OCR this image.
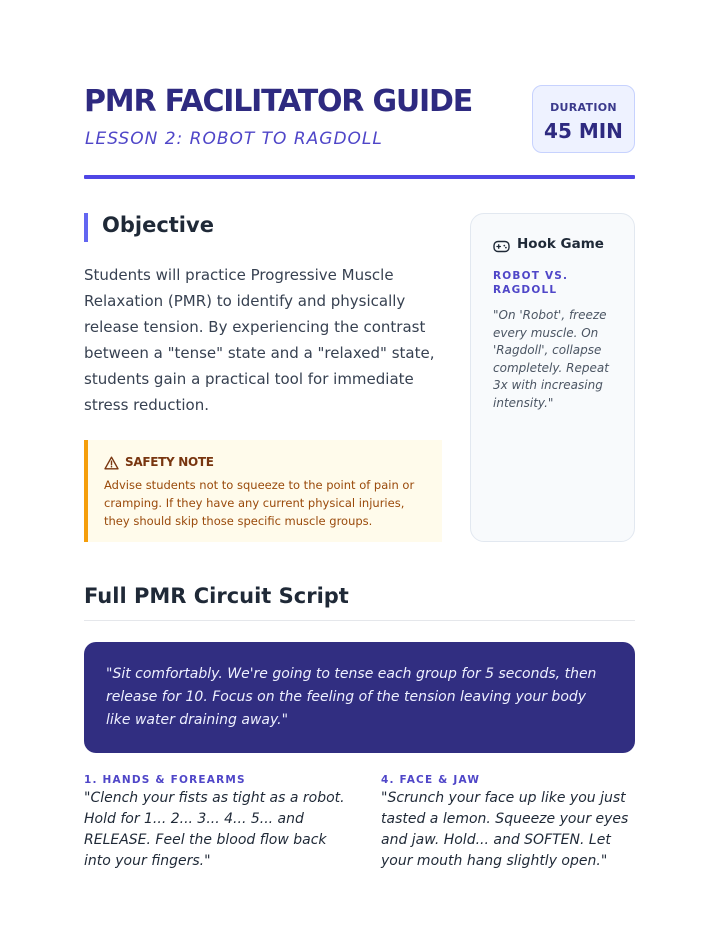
PMR FACILITATOR GUIDE
LESSON 2: ROBOT TO RAGDOLL
DURATION
45 MIN
Objective

Students will practice Progressive Muscle Relaxation (PMR) to identify and physically release tension. By experiencing the contrast between a "tense" state and a "relaxed" state, students gain a practical tool for immediate stress reduction.

SAFETY NOTE

Advise students not to squeeze to the point of pain or cramping. If they have any current physical injuries, they should skip those specific muscle groups.

Hook Game
ROBOT VS. RAGDOLL

"On 'Robot', freeze every muscle. On 'Ragdoll', collapse completely. Repeat 3x with increasing intensity."

Full PMR Circuit Script

"Sit comfortably. We're going to tense each group for 5 seconds, then release for 10. Focus on the feeling of the tension leaving your body like water draining away."

1. HANDS & FOREARMS

"Clench your fists as tight as a robot. Hold for 1... 2... 3... 4... 5... and RELEASE. Feel the blood flow back into your fingers."

4. FACE & JAW

"Scrunch your face up like you just tasted a lemon. Squeeze your eyes and jaw. Hold... and SOFTEN. Let your mouth hang slightly open."
